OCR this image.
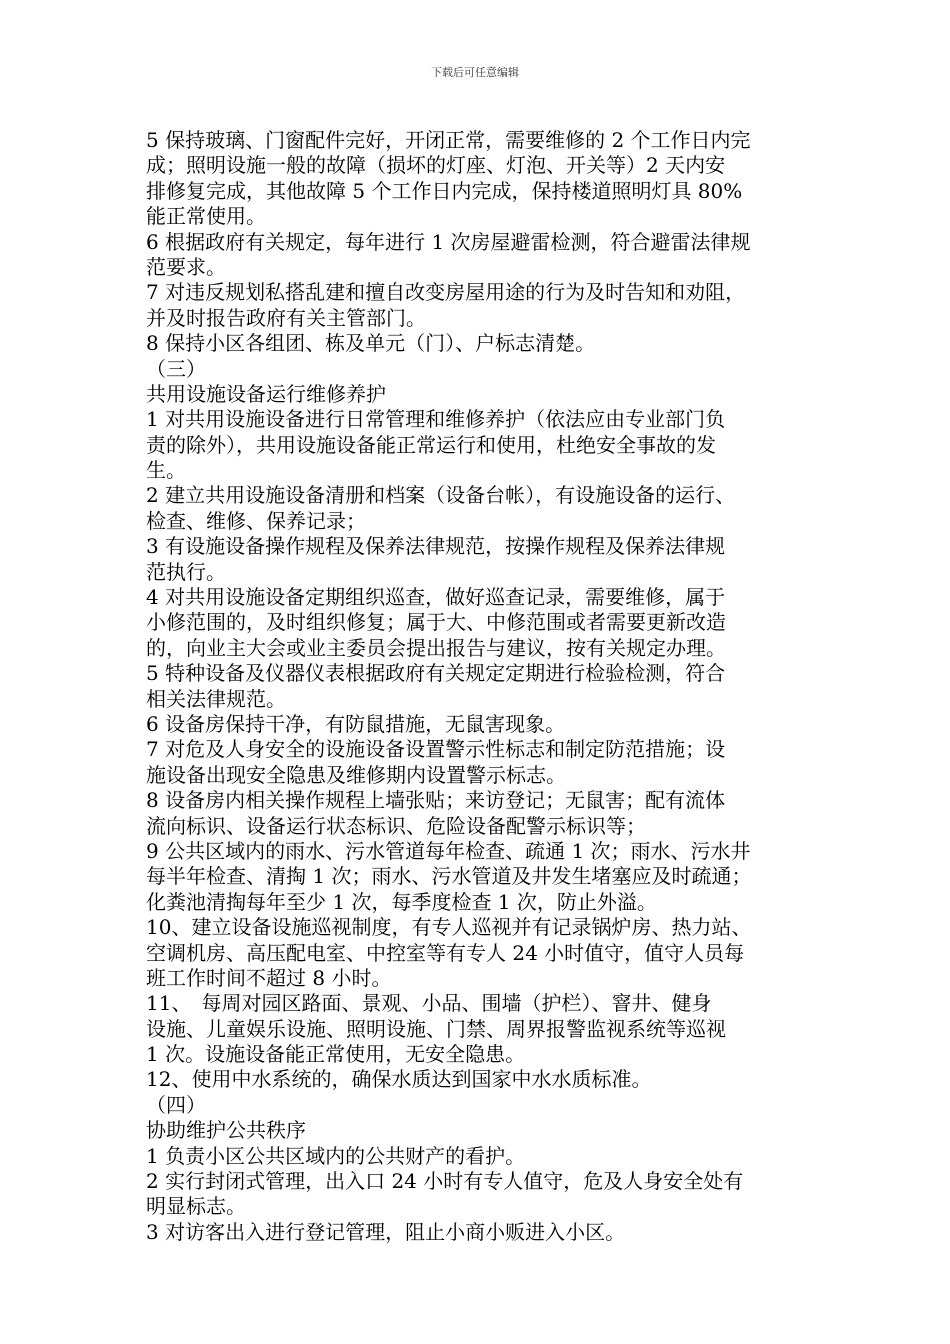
下载后可任意编辑
5 保持玻璃、门窗配件完好，开闭正常，需要维修的 2 个工作日内完
成；照明设施一般的故障（损坏的灯座、灯泡、开关等）2 天内安
排修复完成，其他故障 5 个工作日内完成，保持楼道照明灯具 80%
能正常使用。
6 根据政府有关规定，每年进行 1 次房屋避雷检测，符合避雷法律规
范要求。
7 对违反规划私搭乱建和擅自改变房屋用途的行为及时告知和劝阻，
并及时报告政府有关主管部门。
8 保持小区各组团、栋及单元（门）、户标志清楚。
（三）
共用设施设备运行维修养护
1 对共用设施设备进行日常管理和维修养护（依法应由专业部门负
责的除外），共用设施设备能正常运行和使用，杜绝安全事故的发
生。
2 建立共用设施设备清册和档案（设备台帐），有设施设备的运行、
检查、维修、保养记录；
3 有设施设备操作规程及保养法律规范，按操作规程及保养法律规
范执行。
4 对共用设施设备定期组织巡查，做好巡查记录，需要维修，属于
小修范围的，及时组织修复；属于大、中修范围或者需要更新改造
的，向业主大会或业主委员会提出报告与建议，按有关规定办理。
5 特种设备及仪器仪表根据政府有关规定定期进行检验检测，符合
相关法律规范。
6 设备房保持干净，有防鼠措施，无鼠害现象。
7 对危及人身安全的设施设备设置警示性标志和制定防范措施；设
施设备出现安全隐患及维修期内设置警示标志。
8 设备房内相关操作规程上墙张贴；来访登记；无鼠害；配有流体
流向标识、设备运行状态标识、危险设备配警示标识等；
9 公共区域内的雨水、污水管道每年检查、疏通 1 次；雨水、污水井
每半年检查、清掏 1 次；雨水、污水管道及井发生堵塞应及时疏通；
化粪池清掏每年至少 1 次，每季度检查 1 次，防止外溢。
10、建立设备设施巡视制度，有专人巡视并有记录锅炉房、热力站、
空调机房、高压配电室、中控室等有专人 24 小时值守，值守人员每
班工作时间不超过 8 小时。
11、　每周对园区路面、景观、小品、围墙（护栏）、窨井、健身
设施、儿童娱乐设施、照明设施、门禁、周界报警监视系统等巡视
1 次。设施设备能正常使用，无安全隐患。
12、使用中水系统的，确保水质达到国家中水水质标准。
（四）
协助维护公共秩序
1 负责小区公共区域内的公共财产的看护。
2 实行封闭式管理，出入口 24 小时有专人值守，危及人身安全处有
明显标志。
3 对访客出入进行登记管理，阻止小商小贩进入小区。
